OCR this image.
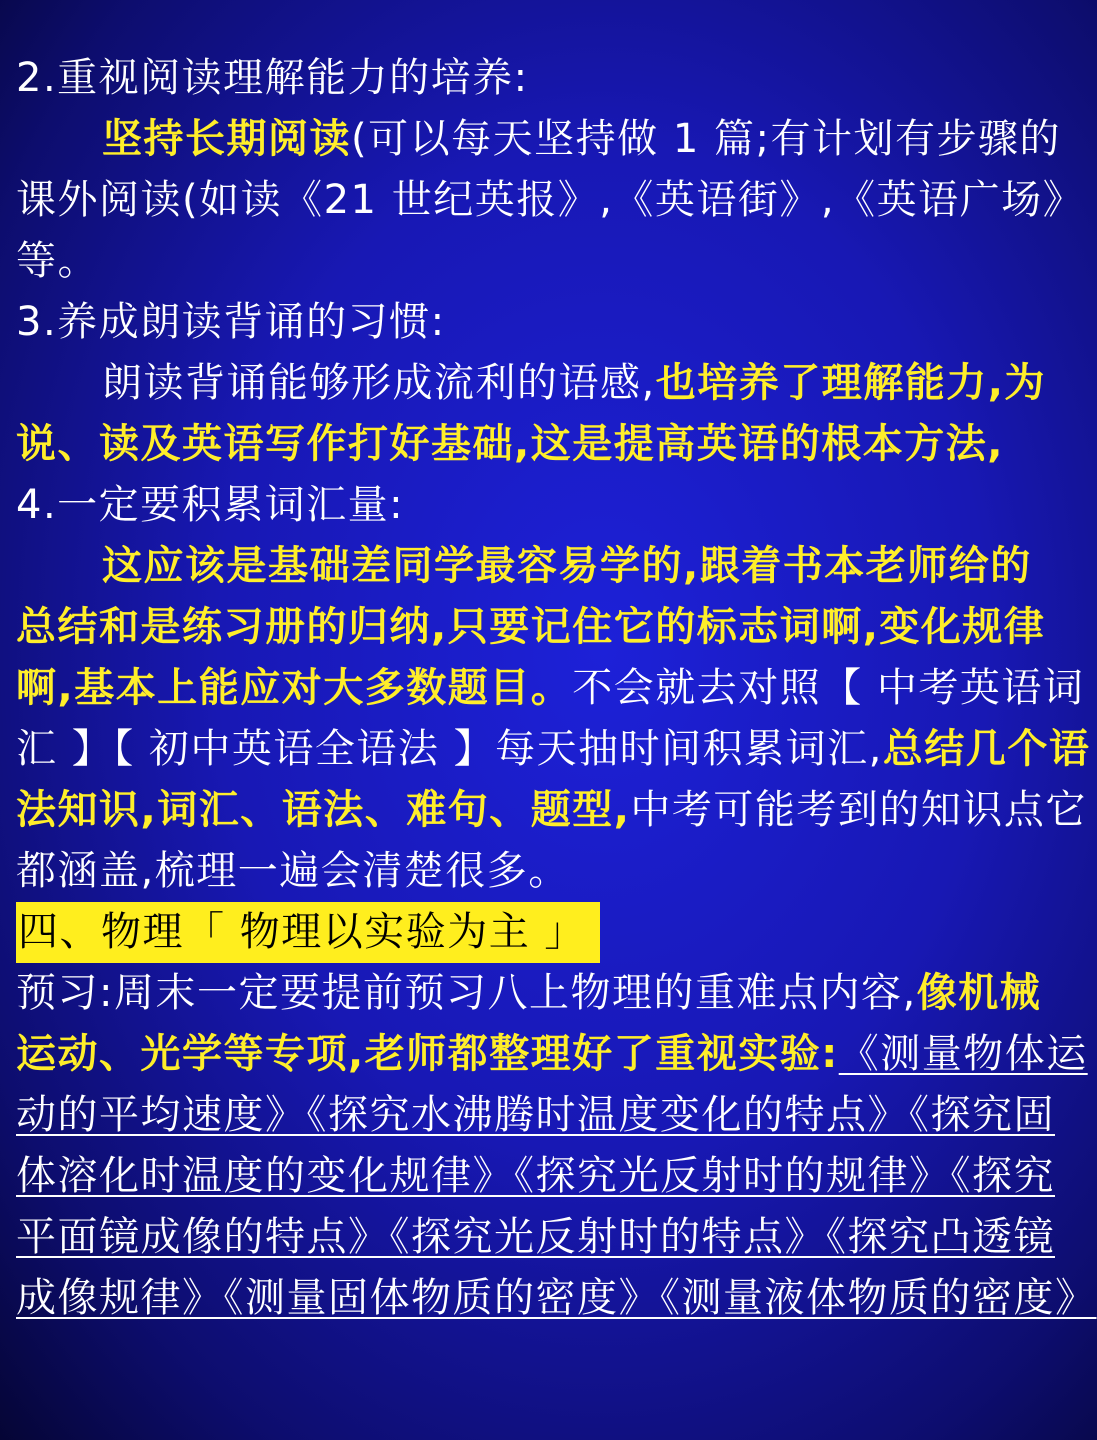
2.重视阅读理解能力的培养:
坚持长期阅读(可以每天坚持做 1 篇;有计划有步骤的
课外阅读(如读《21 世纪英报》,《英语街》,《英语广场》
等。
3.养成朗读背诵的习惯:
朗读背诵能够形成流利的语感,也培养了理解能力,为
说、读及英语写作打好基础,这是提高英语的根本方法,
4.一定要积累词汇量:
这应该是基础差同学最容易学的,跟着书本老师给的
总结和是练习册的归纳,只要记住它的标志词啊,变化规律
啊,基本上能应对大多数题目。不会就去对照【 中考英语词
汇 】【 初中英语全语法 】每天抽时间积累词汇,总结几个语
法知识,词汇、语法、难句、题型,中考可能考到的知识点它
都涵盖,梳理一遍会清楚很多。
四、物理「 物理以实验为主 」
预习:周末一定要提前预习八上物理的重难点内容,像机械
运动、光学等专项,老师都整理好了重视实验:《测量物体运
动的平均速度》《探究水沸腾时温度变化的特点》《探究固
体溶化时温度的变化规律》《探究光反射时的规律》《探究
平面镜成像的特点》《探究光反射时的特点》《探究凸透镜
成像规律》《测量固体物质的密度》《测量液体物质的密度》
